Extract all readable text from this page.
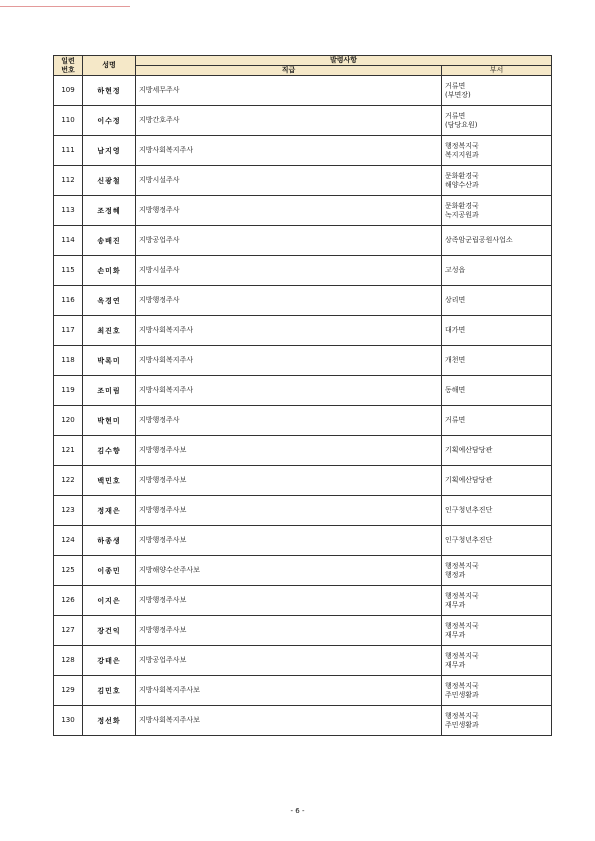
일련
번호	성명	발령사항	
		직급	부서
109	하현정	지방세무주사	거류면
(부면장)
110	이수정	지방간호주사	거류면
(담당요원)
111	남지영	지방사회복지주사	행정복지국
복지지원과
112	신광철	지방시설주사	문화환경국
해양수산과
113	조정혜	지방행정주사	문화환경국
녹지공원과
114	송배진	지방공업주사	상족암군립공원사업소
115	손미화	지방시설주사	고성읍
116	옥경연	지방행정주사	상리면
117	최진호	지방사회복지주사	대가면
118	박록미	지방사회복지주사	개천면
119	조미림	지방사회복지주사	동해면
120	박현미	지방행정주사	거류면
121	김수향	지방행정주사보	기획예산담당관
122	백민호	지방행정주사보	기획예산담당관
123	정재은	지방행정주사보	인구청년추진단
124	하종생	지방행정주사보	인구청년추진단
125	이종민	지방해양수산주사보	행정복지국
행정과
126	이지은	지방행정주사보	행정복지국
재무과
127	장건익	지방행정주사보	행정복지국
재무과
128	강태은	지방공업주사보	행정복지국
재무과
129	김민호	지방사회복지주사보	행정복지국
주민생활과
130	정선화	지방사회복지주사보	행정복지국
주민생활과
- 6 -
